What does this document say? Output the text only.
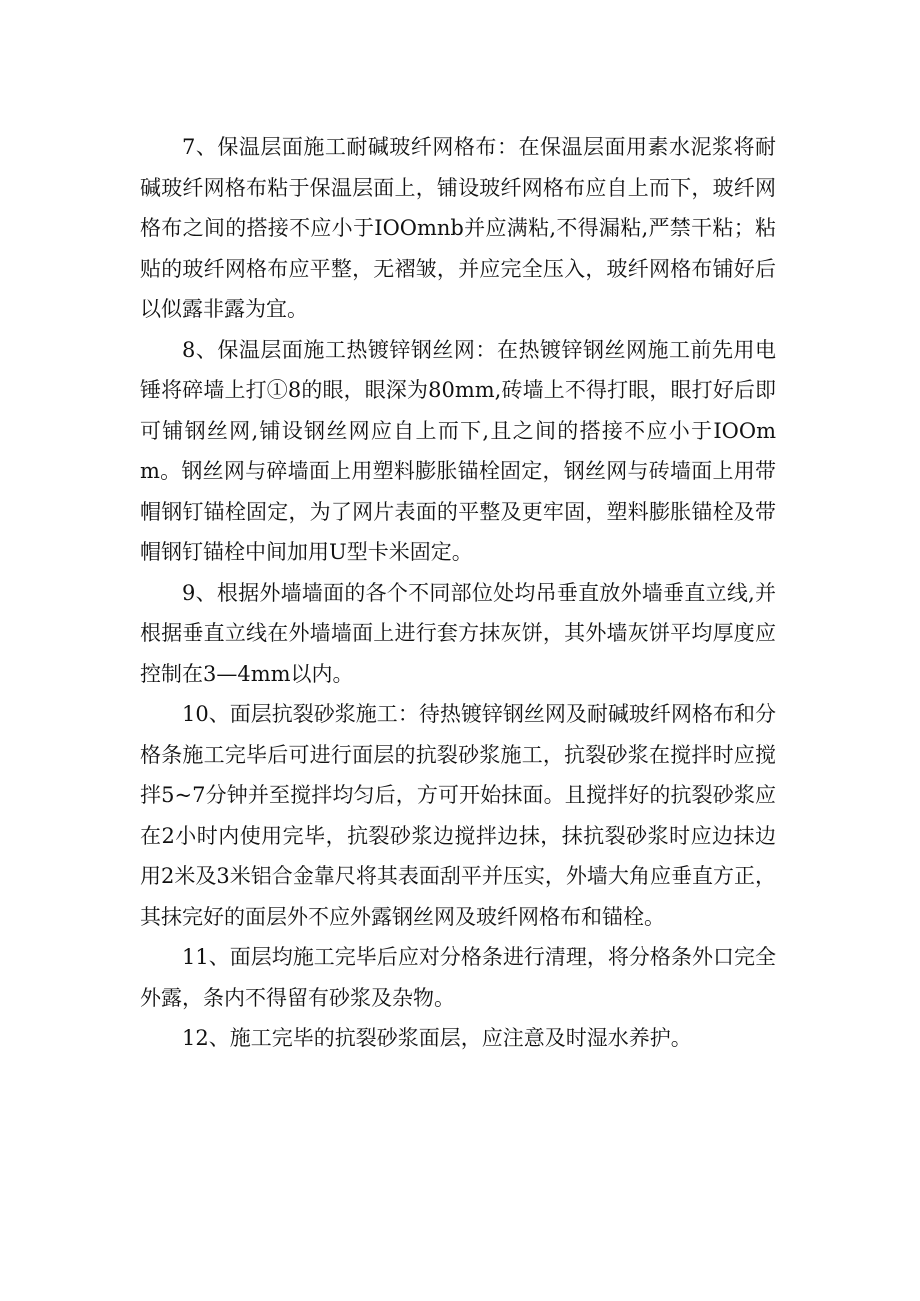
7、保温层面施工耐碱玻纤网格布：在保温层面用素水泥浆将耐碱玻纤网格布粘于保温层面上，铺设玻纤网格布应自上而下，玻纤网格布之间的搭接不应小于IOOmnb并应满粘,不得漏粘,严禁干粘；粘贴的玻纤网格布应平整，无褶皱，并应完全压入，玻纤网格布铺好后以似露非露为宜。

8、保温层面施工热镀锌钢丝网：在热镀锌钢丝网施工前先用电锤将碎墙上打①8的眼，眼深为80mm,砖墙上不得打眼，眼打好后即可铺钢丝网,铺设钢丝网应自上而下,且之间的搭接不应小于IOOmm。钢丝网与碎墙面上用塑料膨胀锚栓固定，钢丝网与砖墙面上用带帽钢钉锚栓固定，为了网片表面的平整及更牢固，塑料膨胀锚栓及带帽钢钉锚栓中间加用U型卡米固定。

9、根据外墙墙面的各个不同部位处均吊垂直放外墙垂直立线,并根据垂直立线在外墙墙面上进行套方抹灰饼，其外墙灰饼平均厚度应控制在3—4mm以内。

10、面层抗裂砂浆施工：待热镀锌钢丝网及耐碱玻纤网格布和分格条施工完毕后可进行面层的抗裂砂浆施工，抗裂砂浆在搅拌时应搅拌5~7分钟并至搅拌均匀后，方可开始抹面。且搅拌好的抗裂砂浆应在2小时内使用完毕，抗裂砂浆边搅拌边抹，抹抗裂砂浆时应边抹边用2米及3米铝合金靠尺将其表面刮平并压实，外墙大角应垂直方正，其抹完好的面层外不应外露钢丝网及玻纤网格布和锚栓。

11、面层均施工完毕后应对分格条进行清理，将分格条外口完全外露，条内不得留有砂浆及杂物。

12、施工完毕的抗裂砂浆面层，应注意及时湿水养护。
